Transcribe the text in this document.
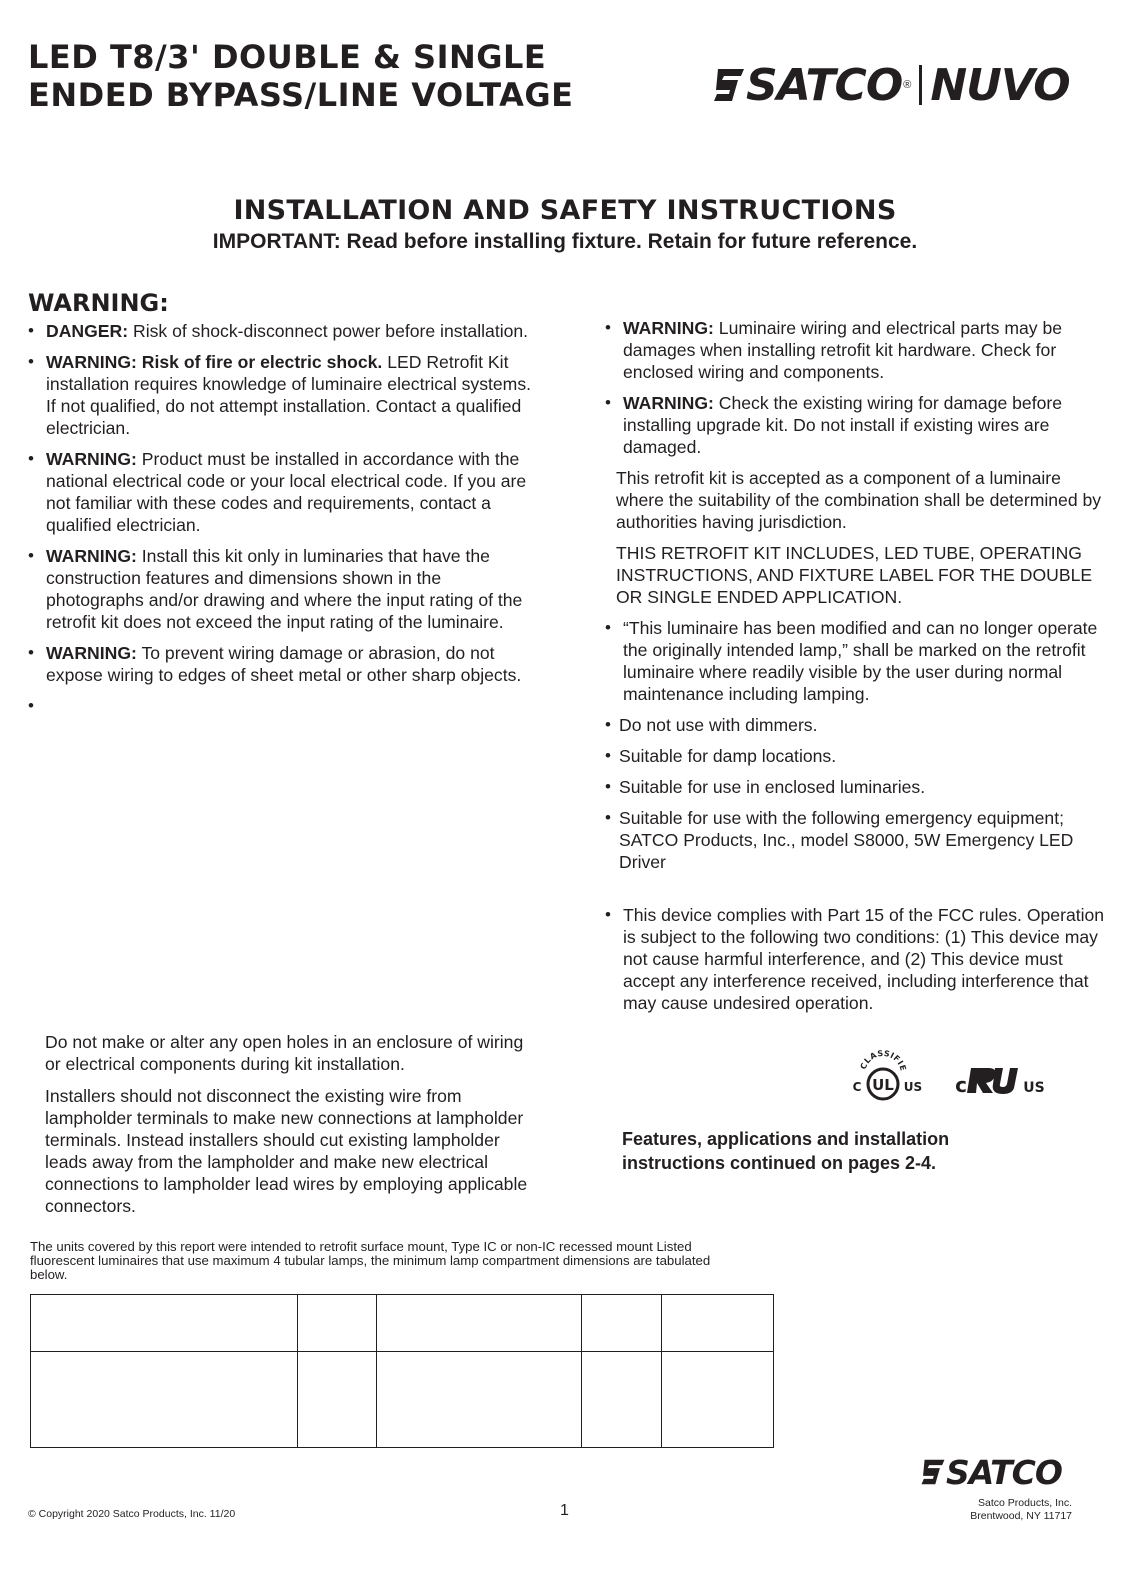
LED T8/3' DOUBLE & SINGLE
ENDED BYPASS/LINE VOLTAGE	SATCO ® NUVO
INSTALLATION AND SAFETY INSTRUCTIONS
IMPORTANT: Read before installing fixture. Retain for future reference.
WARNING:
• DANGER: Risk of shock-disconnect power before installation.
• WARNING: Risk of fire or electric shock. LED Retrofit Kit installation requires knowledge of luminaire electrical systems. If not qualified, do not attempt installation. Contact a qualified electrician.
• WARNING: Product must be installed in accordance with the national electrical code or your local electrical code. If you are not familiar with these codes and requirements, contact a qualified electrician.
• WARNING: Install this kit only in luminaries that have the construction features and dimensions shown in the photographs and/or drawing and where the input rating of the retrofit kit does not exceed the input rating of the luminaire.
• WARNING: To prevent wiring damage or abrasion, do not expose wiring to edges of sheet metal or other sharp objects.
•

Do not make or alter any open holes in an enclosure of wiring or electrical components during kit installation.
Installers should not disconnect the existing wire from lampholder terminals to make new connections at lampholder terminals. Instead installers should cut existing lampholder leads away from the lampholder and make new electrical connections to lampholder lead wires by employing applicable connectors.
• WARNING: Luminaire wiring and electrical parts may be damages when installing retrofit kit hardware. Check for enclosed wiring and components.
• WARNING: Check the existing wiring for damage before installing upgrade kit. Do not install if existing wires are damaged.
This retrofit kit is accepted as a component of a luminaire where the suitability of the combination shall be determined by authorities having jurisdiction.
THIS RETROFIT KIT INCLUDES, LED TUBE, OPERATING INSTRUCTIONS, AND FIXTURE LABEL FOR THE DOUBLE OR SINGLE ENDED APPLICATION.
• “This luminaire has been modified and can no longer operate the originally intended lamp,” shall be marked on the retrofit luminaire where readily visible by the user during normal maintenance including lamping.
• Do not use with dimmers.
• Suitable for damp locations.
• Suitable for use in enclosed luminaries.
• Suitable for use with the following emergency equipment; SATCO Products, Inc., model S8000, 5W Emergency LED Driver
• This device complies with Part 15 of the FCC rules. Operation is subject to the following two conditions: (1) This device may not cause harmful interference, and (2) This device must accept any interference received, including interference that may cause undesired operation.
CLASSIFIE
UL
C	US c	US
Features, applications and installation
instructions continued on pages 2-4.
The units covered by this report were intended to retrofit surface mount, Type IC or non-IC recessed mount Listed fluorescent luminaires that use maximum 4 tubular lamps, the minimum lamp compartment dimensions are tabulated below.

© Copyright 2020 Satco Products, Inc. 11/20	1
SATCO
Satco Products, Inc.
Brentwood, NY 11717
